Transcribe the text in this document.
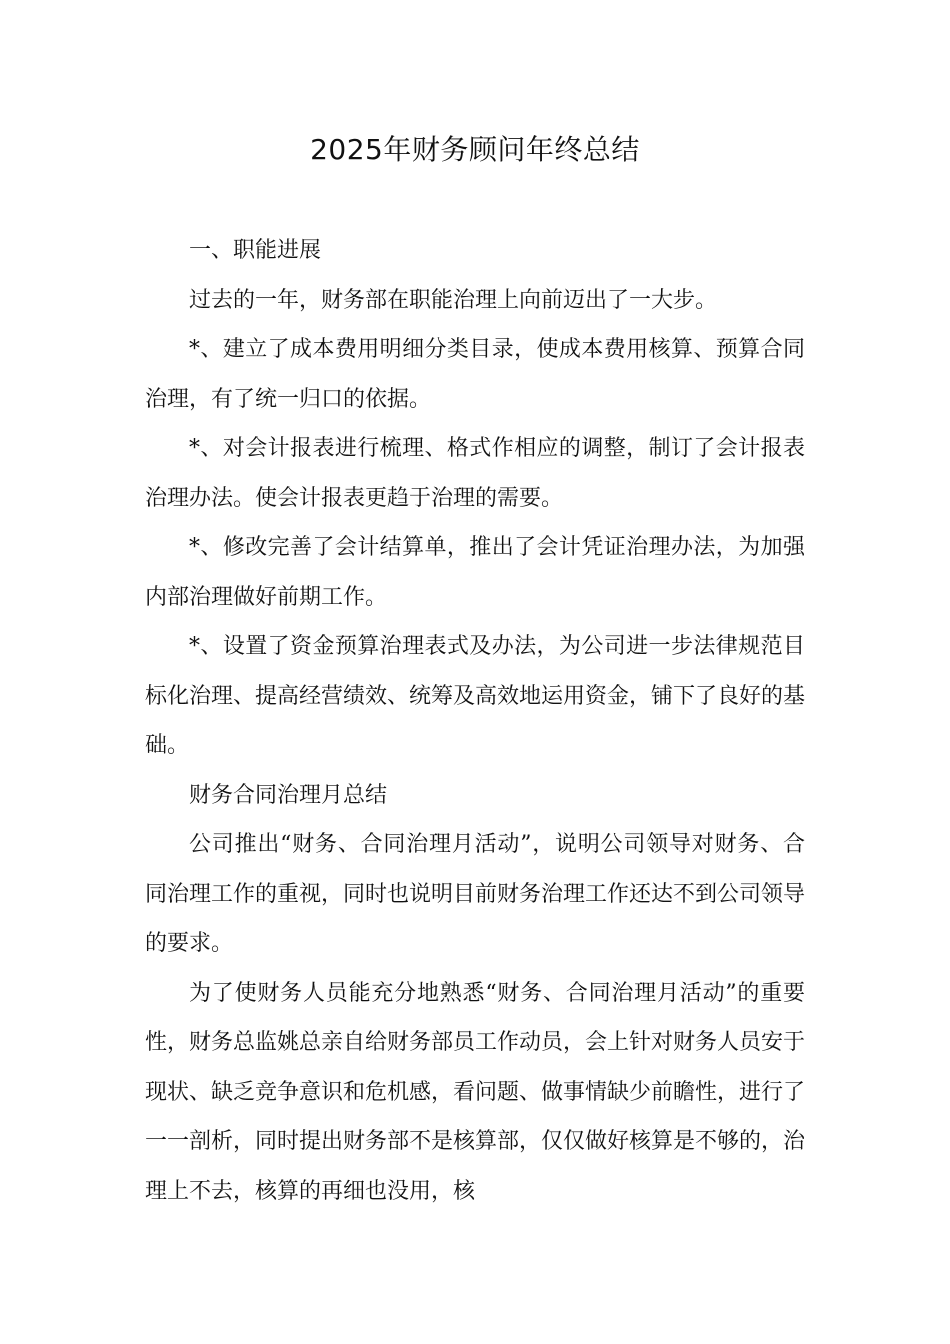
2025年财务顾问年终总结

一、职能进展

过去的一年，财务部在职能治理上向前迈出了一大步。

*、建立了成本费用明细分类目录，使成本费用核算、预算合同治理，有了统一归口的依据。

*、对会计报表进行梳理、格式作相应的调整，制订了会计报表治理办法。使会计报表更趋于治理的需要。

*、修改完善了会计结算单，推出了会计凭证治理办法，为加强内部治理做好前期工作。

*、设置了资金预算治理表式及办法，为公司进一步法律规范目标化治理、提高经营绩效、统筹及高效地运用资金，铺下了良好的基础。

财务合同治理月总结

公司推出“财务、合同治理月活动”，说明公司领导对财务、合同治理工作的重视，同时也说明目前财务治理工作还达不到公司领导的要求。

为了使财务人员能充分地熟悉“财务、合同治理月活动”的重要性，财务总监姚总亲自给财务部员工作动员，会上针对财务人员安于现状、缺乏竞争意识和危机感，看问题、做事情缺少前瞻性，进行了一一剖析，同时提出财务部不是核算部，仅仅做好核算是不够的，治理上不去，核算的再细也没用，核
